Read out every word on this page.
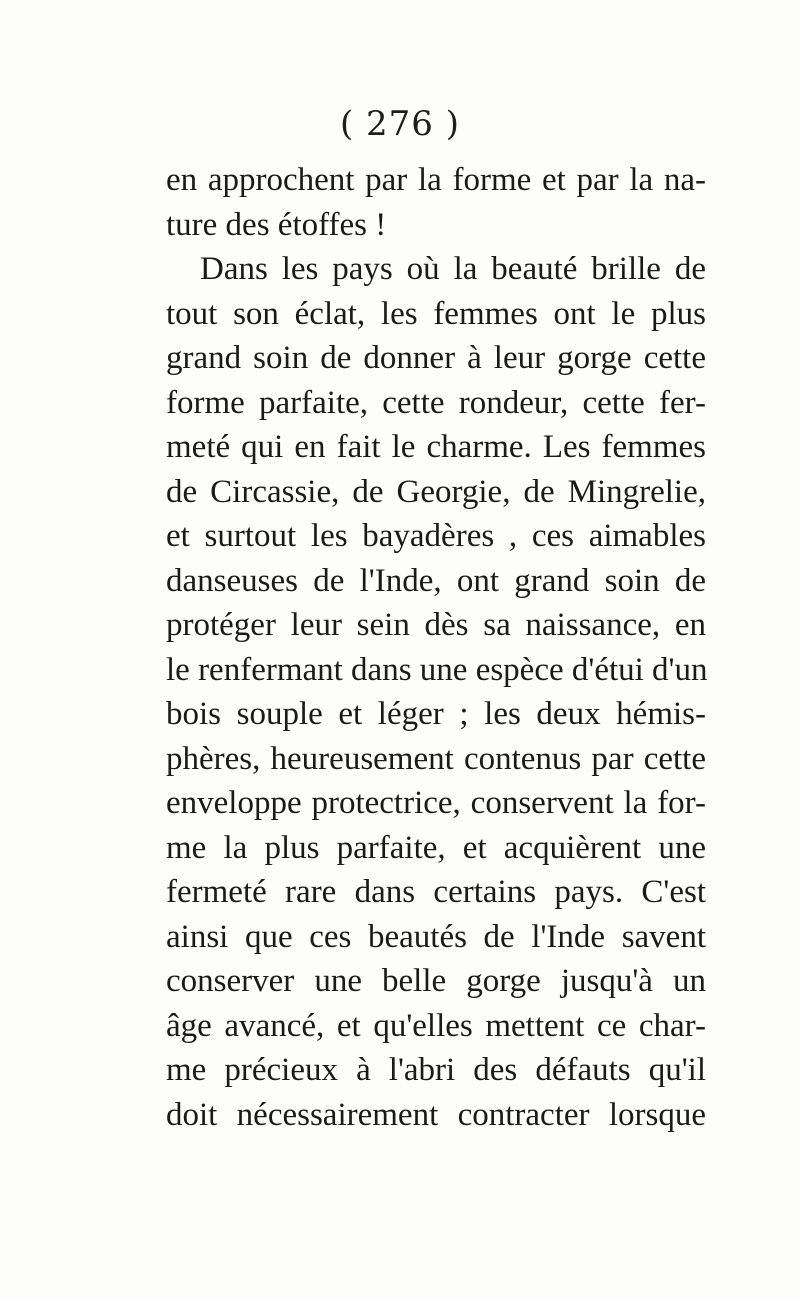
( 276 )
en approchent par la forme et par la na-
ture des étoffes !
Dans les pays où la beauté brille de
tout son éclat, les femmes ont le plus
grand soin de donner à leur gorge cette
forme parfaite, cette rondeur, cette fer-
meté qui en fait le charme. Les femmes
de Circassie, de Georgie, de Mingrelie,
et surtout les bayadères , ces aimables
danseuses de l'Inde, ont grand soin de
protéger leur sein dès sa naissance, en
le renfermant dans une espèce d'étui d'un
bois souple et léger ; les deux hémis-
phères, heureusement contenus par cette
enveloppe protectrice, conservent la for-
me la plus parfaite, et acquièrent une
fermeté rare dans certains pays. C'est
ainsi que ces beautés de l'Inde savent
conserver une belle gorge jusqu'à un
âge avancé, et qu'elles mettent ce char-
me précieux à l'abri des défauts qu'il
doit nécessairement contracter lorsque
